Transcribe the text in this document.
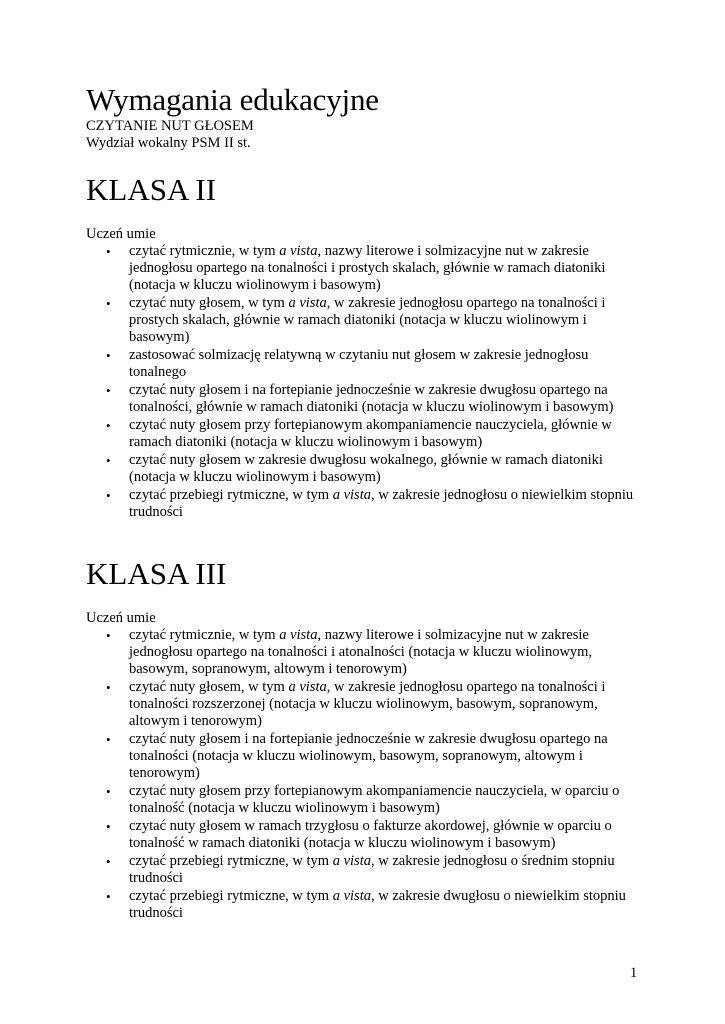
Wymagania edukacyjne

CZYTANIE NUT GŁOSEM

Wydział wokalny PSM II st.

KLASA II

Uczeń umie

• czytać rytmicznie, w tym a vista, nazwy literowe i solmizacyjne nut w zakresie jednogłosu opartego na tonalności i prostych skalach, głównie w ramach diatoniki (notacja w kluczu wiolinowym i basowym)
• czytać nuty głosem, w tym a vista, w zakresie jednogłosu opartego na tonalności i prostych skalach, głównie w ramach diatoniki (notacja w kluczu wiolinowym i basowym)
• zastosować solmizację relatywną w czytaniu nut głosem w zakresie jednogłosu tonalnego
• czytać nuty głosem i na fortepianie jednocześnie w zakresie dwugłosu opartego na tonalności, głównie w ramach diatoniki (notacja w kluczu wiolinowym i basowym)
• czytać nuty głosem przy fortepianowym akompaniamencie nauczyciela, głównie w ramach diatoniki (notacja w kluczu wiolinowym i basowym)
• czytać nuty głosem w zakresie dwugłosu wokalnego, głównie w ramach diatoniki (notacja w kluczu wiolinowym i basowym)
• czytać przebiegi rytmiczne, w tym a vista, w zakresie jednogłosu o niewielkim stopniu trudności
KLASA III

Uczeń umie

• czytać rytmicznie, w tym a vista, nazwy literowe i solmizacyjne nut w zakresie jednogłosu opartego na tonalności i atonalności (notacja w kluczu wiolinowym, basowym, sopranowym, altowym i tenorowym)
• czytać nuty głosem, w tym a vista, w zakresie jednogłosu opartego na tonalności i tonalności rozszerzonej (notacja w kluczu wiolinowym, basowym, sopranowym, altowym i tenorowym)
• czytać nuty głosem i na fortepianie jednocześnie w zakresie dwugłosu opartego na tonalności (notacja w kluczu wiolinowym, basowym, sopranowym, altowym i tenorowym)
• czytać nuty głosem przy fortepianowym akompaniamencie nauczyciela, w oparciu o tonalność (notacja w kluczu wiolinowym i basowym)
• czytać nuty głosem w ramach trzygłosu o fakturze akordowej, głównie w oparciu o tonalność w ramach diatoniki (notacja w kluczu wiolinowym i basowym)
• czytać przebiegi rytmiczne, w tym a vista, w zakresie jednogłosu o średnim stopniu trudności
• czytać przebiegi rytmiczne, w tym a vista, w zakresie dwugłosu o niewielkim stopniu trudności
1
